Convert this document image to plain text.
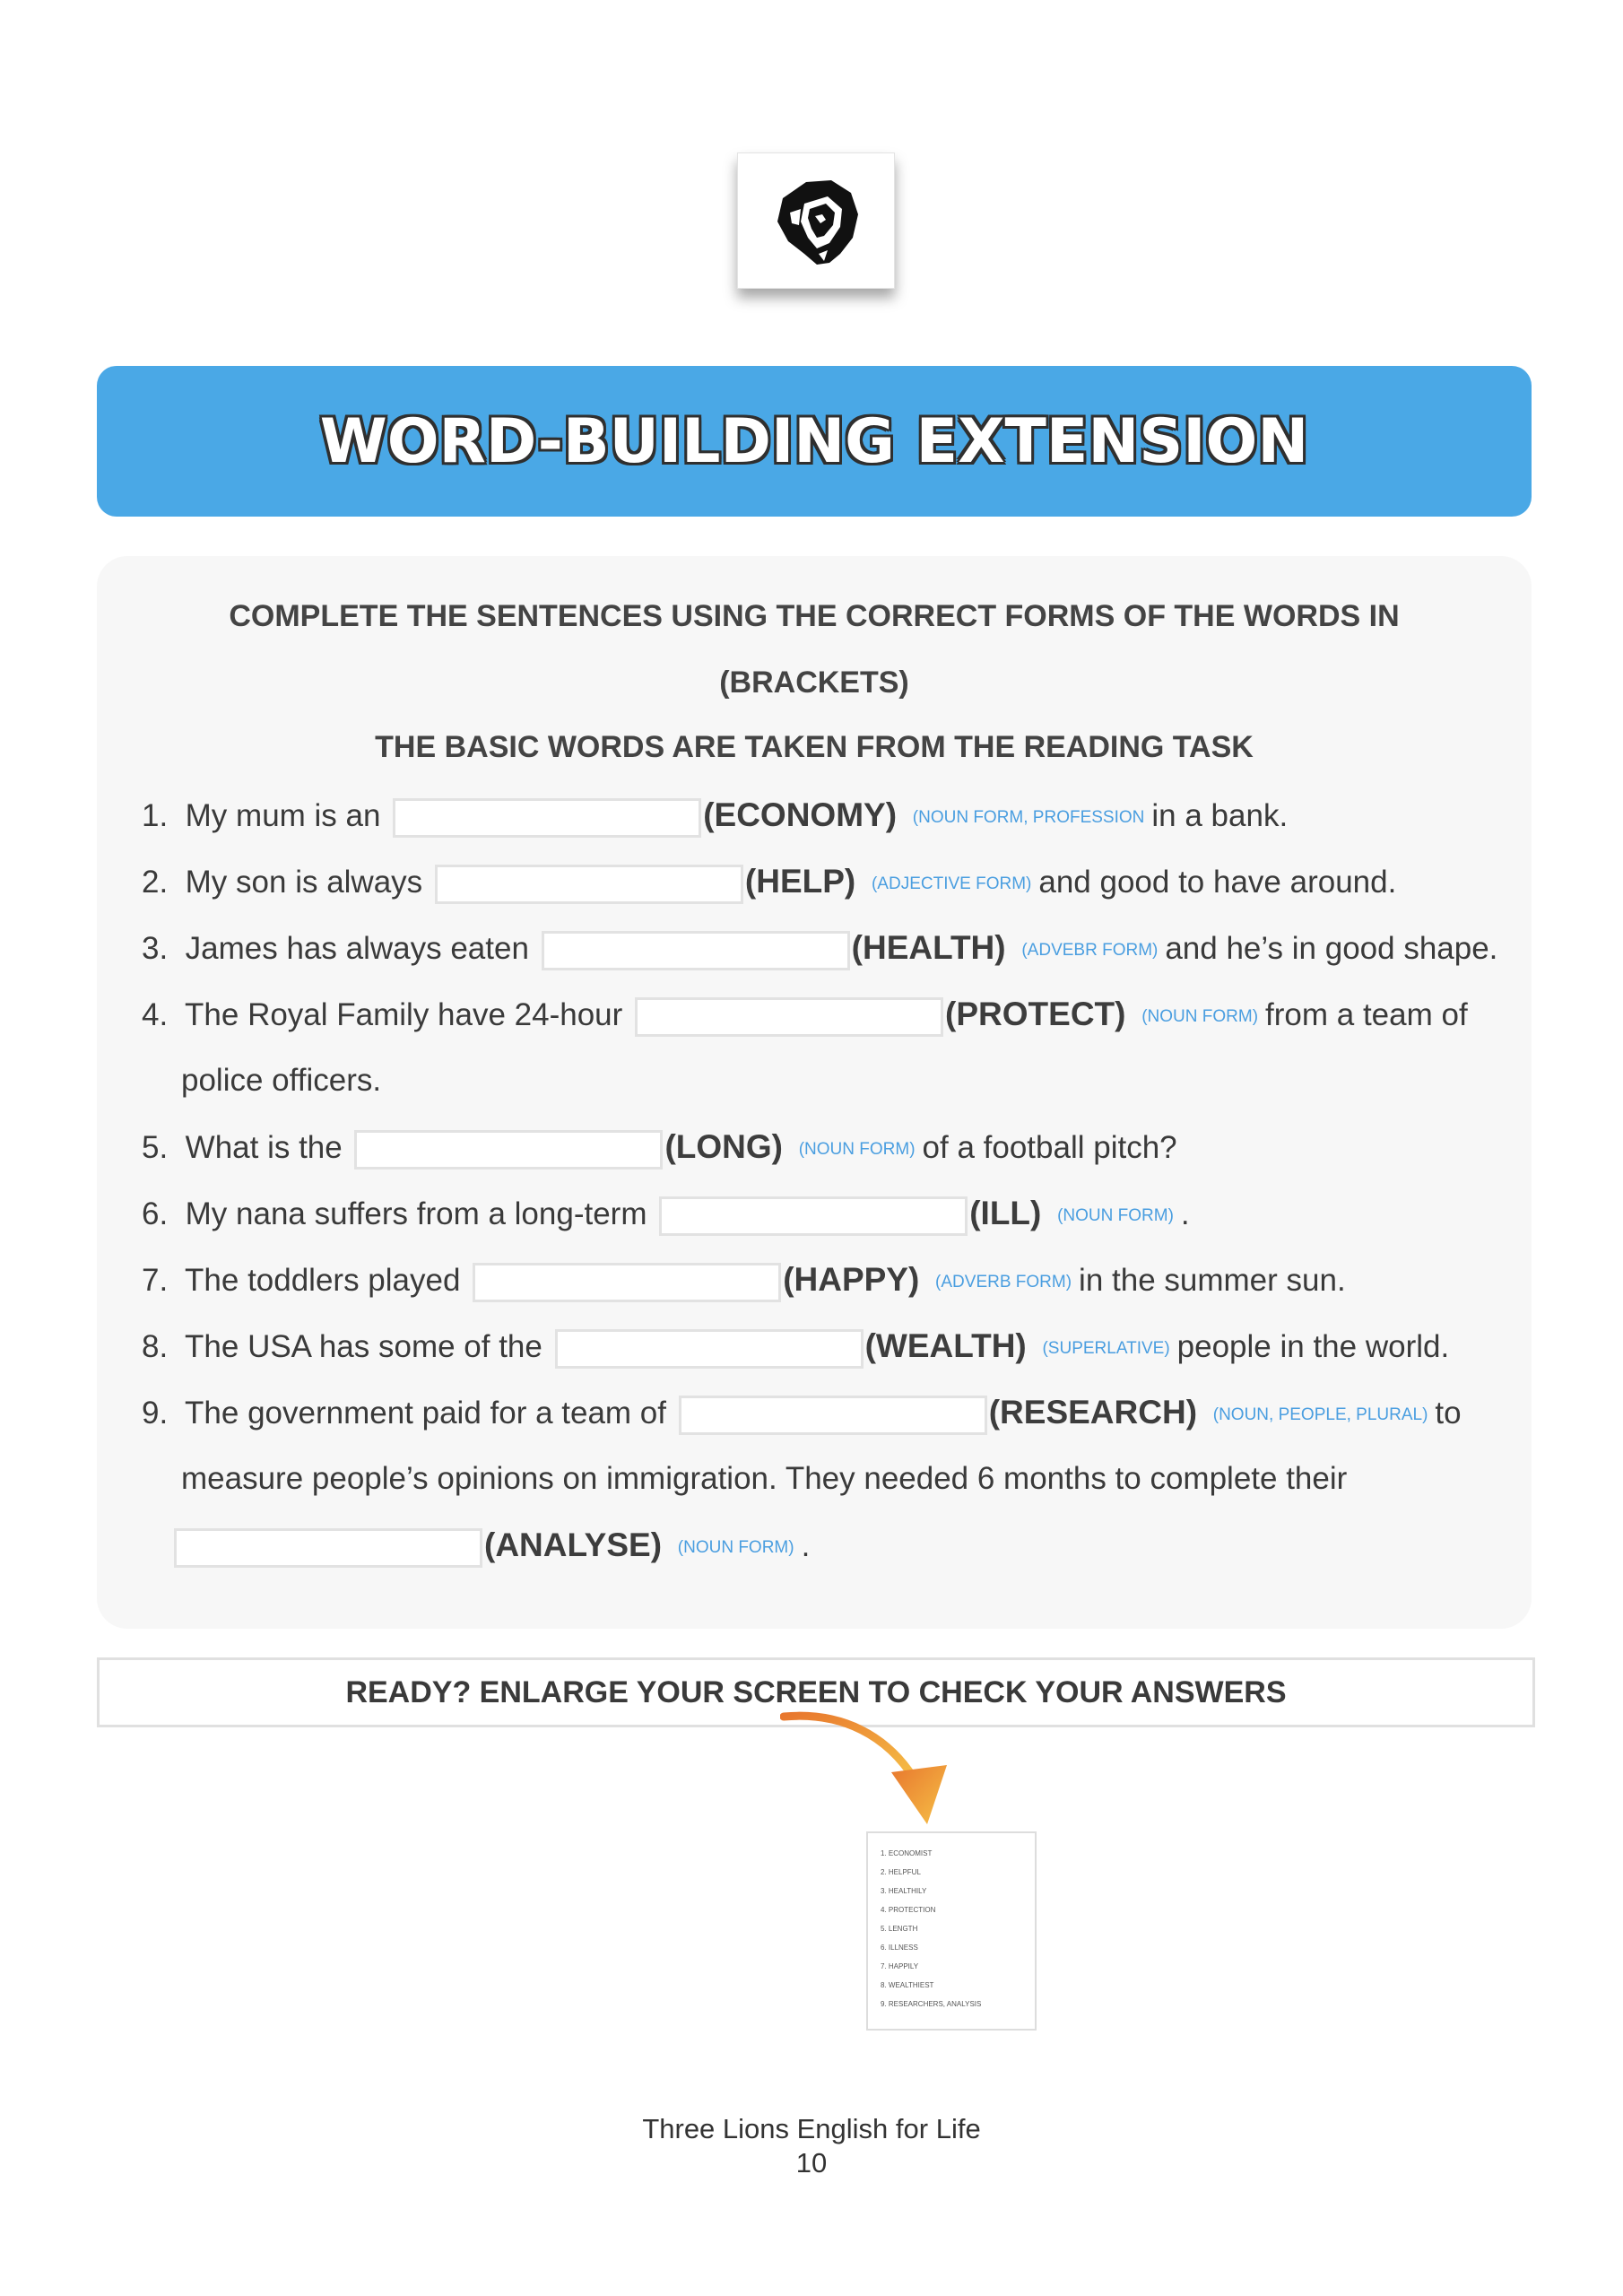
WORD-BUILDING EXTENSION
COMPLETE THE SENTENCES USING THE CORRECT FORMS OF THE WORDS IN
(BRACKETS)
THE BASIC WORDS ARE TAKEN FROM THE READING TASK
1. My mum is an	(ECONOMY) (NOUN FORM, PROFESSION in a bank.
2. My son is always	(HELP) (ADJECTIVE FORM) and good to have around.
3. James has always eaten	(HEALTH) (ADVEBR FORM) and he’s in good shape.
4. The Royal Family have 24-hour	(PROTECT) (NOUN FORM) from a team of
police officers.
5. What is the	(LONG) (NOUN FORM) of a football pitch?
6. My nana suffers from a long-term	(ILL) (NOUN FORM) .
7. The toddlers played	(HAPPY) (ADVERB FORM) in the summer sun.
8. The USA has some of the	(WEALTH) (SUPERLATIVE) people in the world.
9. The government paid for a team of	(RESEARCH) (NOUN, PEOPLE, PLURAL) to
measure people’s opinions on immigration. They needed 6 months to complete their
(ANALYSE) (NOUN FORM) .
READY? ENLARGE YOUR SCREEN TO CHECK YOUR ANSWERS
1. ECONOMIST
2. HELPFUL
3. HEALTHILY
4. PROTECTION
5. LENGTH
6. ILLNESS
7. HAPPILY
8. WEALTHIEST
9. RESEARCHERS, ANALYSIS
Three Lions English for Life
10
